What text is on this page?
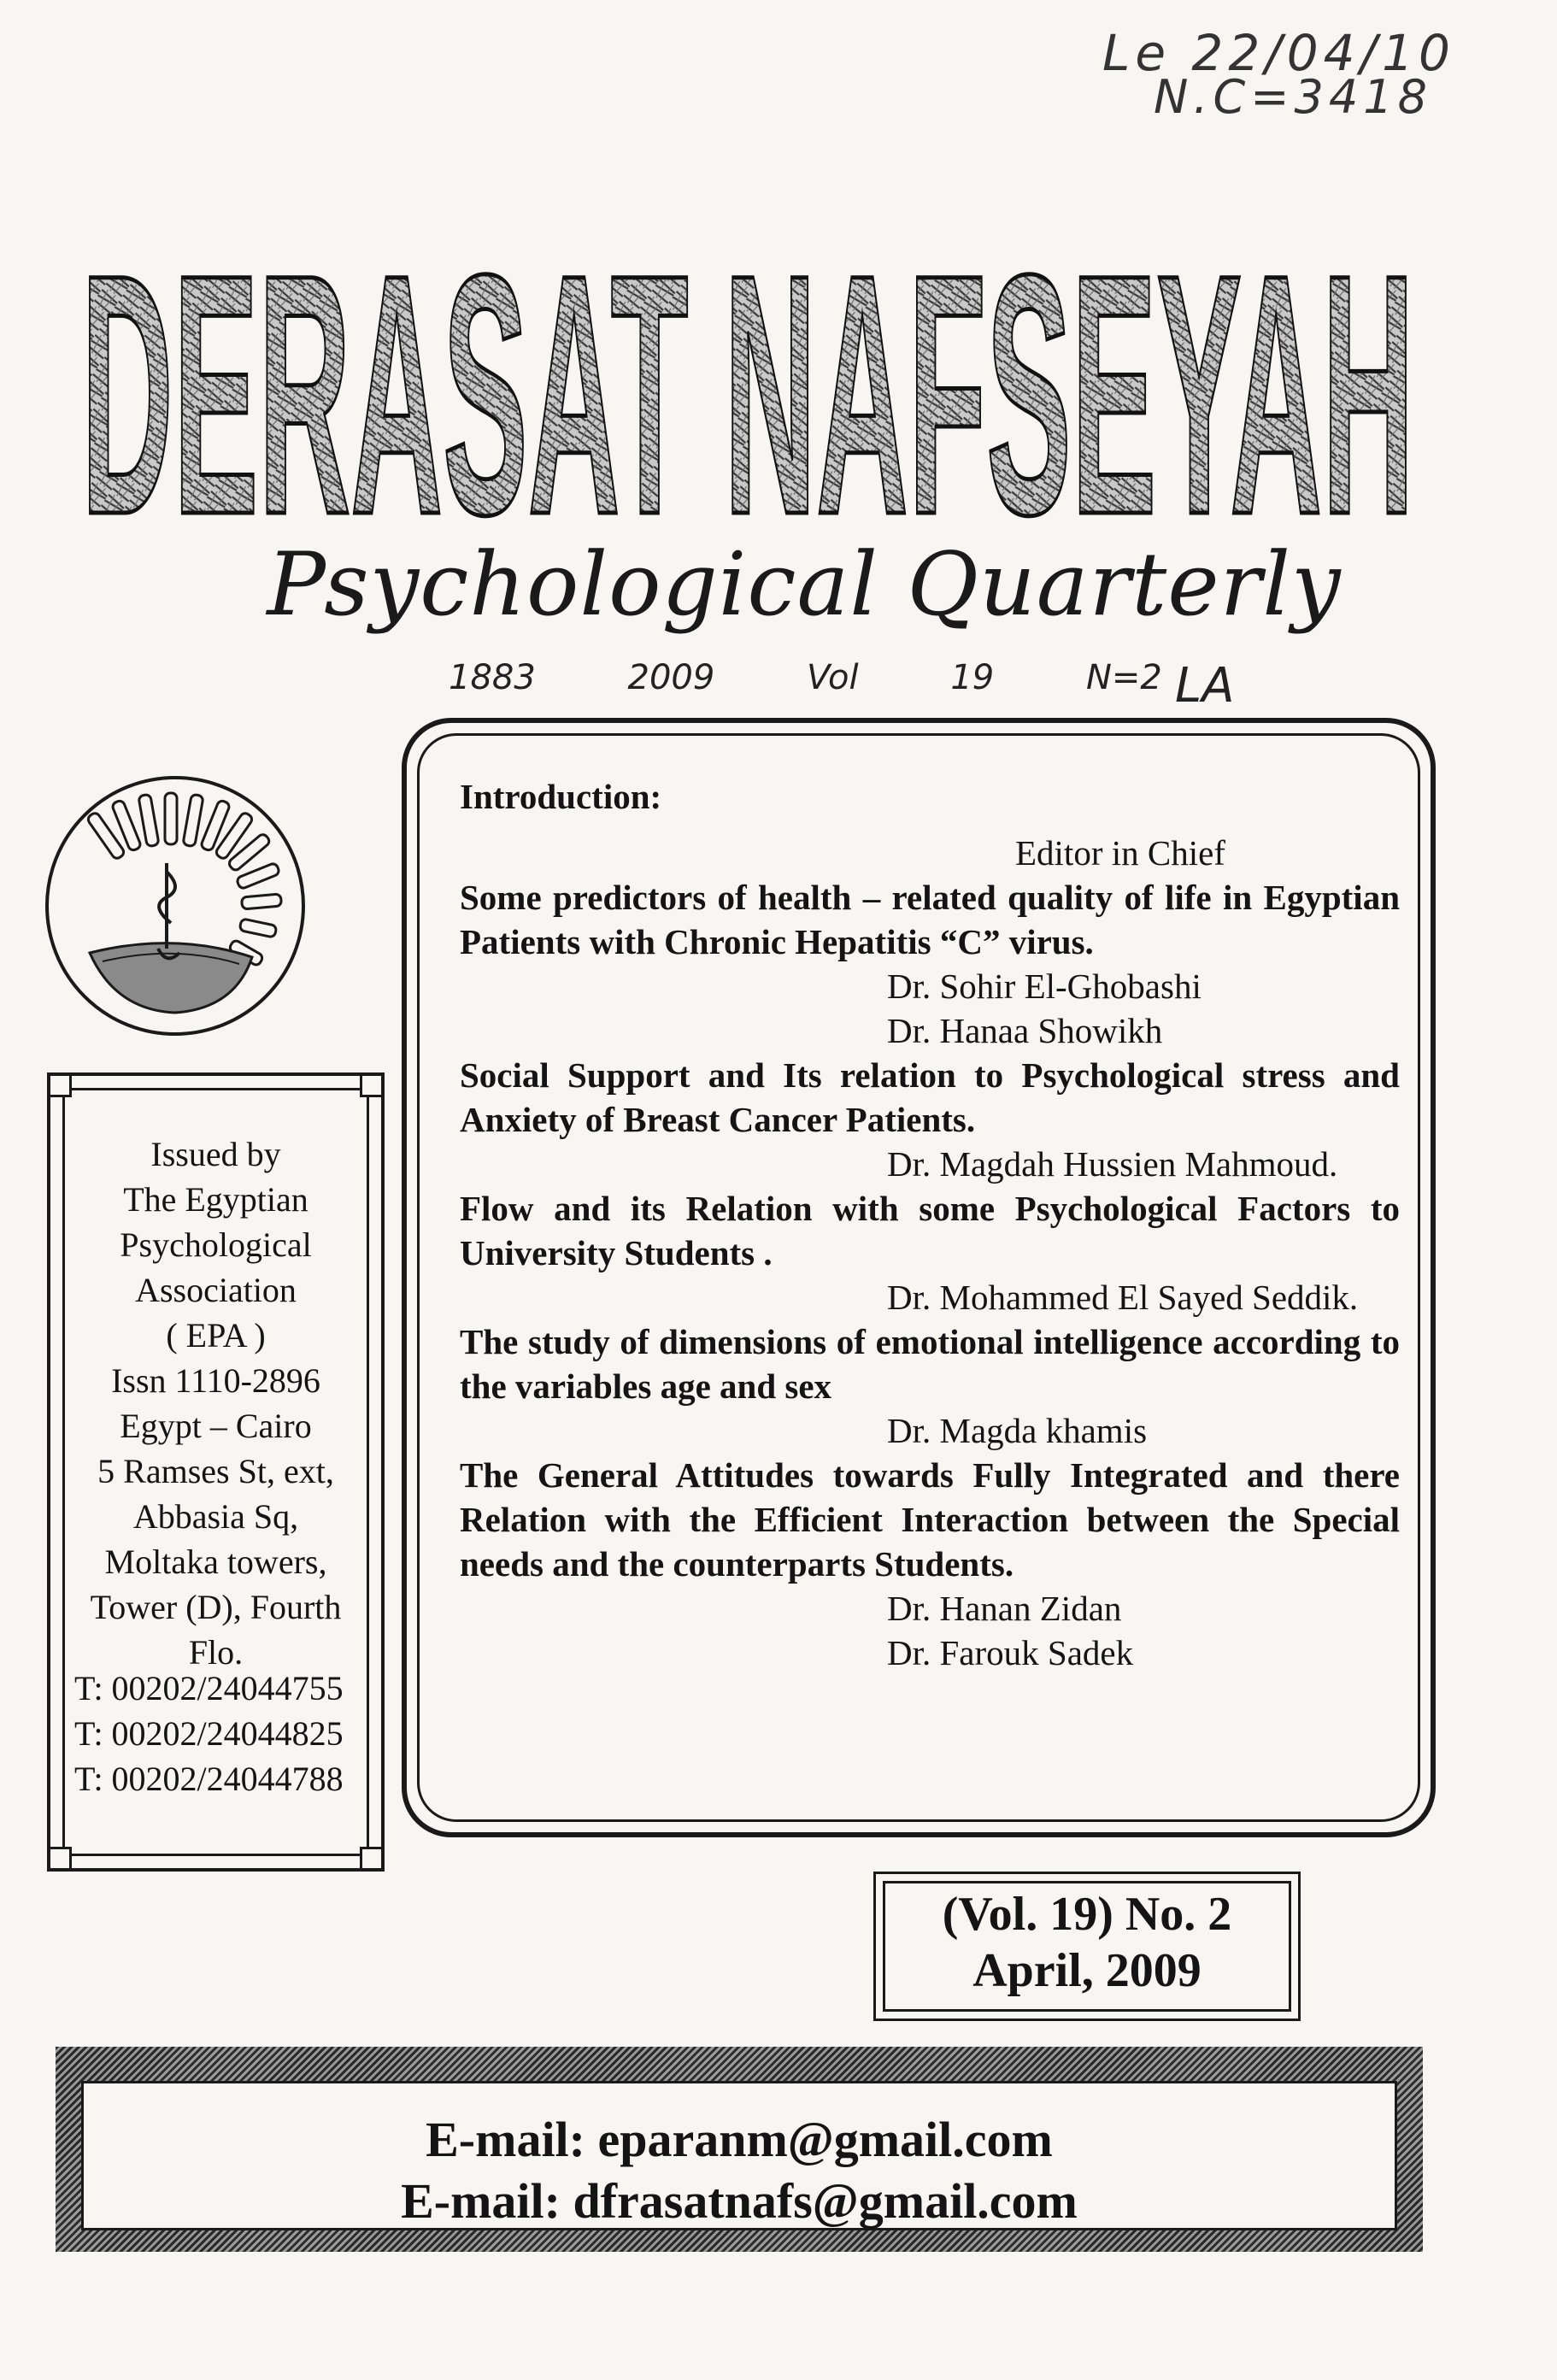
Le 22/04/10
N.C=3418

DERASAT NAFSEYAH
Psychological Quarterly
1883	2009	Vol 19	N=2 LA
Issued by
The Egyptian
Psychological
Association
( EPA )
Issn 1110-2896
Egypt – Cairo
5 Ramses St, ext,
Abbasia Sq,
Moltaka towers,
Tower (D), Fourth
Flo.
T: 00202/24044755
T: 00202/24044825
T: 00202/24044788
Introduction:
Editor in Chief
Some predictors of health – related quality of life in Egyptian Patients with Chronic Hepatitis “C” virus.
Dr. Sohir El-Ghobashi
Dr. Hanaa Showikh
Social Support and Its relation to Psychological stress and Anxiety of Breast Cancer Patients.
Dr. Magdah Hussien Mahmoud.
Flow and its Relation with some Psychological Factors to University Students .
Dr. Mohammed El Sayed Seddik.
The study of dimensions of emotional intelligence according to the variables age and sex
Dr. Magda khamis
The General Attitudes towards Fully Integrated and there Relation with the Efficient Interaction between the Special needs and the counterparts Students.
Dr. Hanan Zidan
Dr. Farouk Sadek
(Vol. 19) No. 2
April, 2009
E-mail: eparanm@gmail.com
E-mail: dfrasatnafs@gmail.com
